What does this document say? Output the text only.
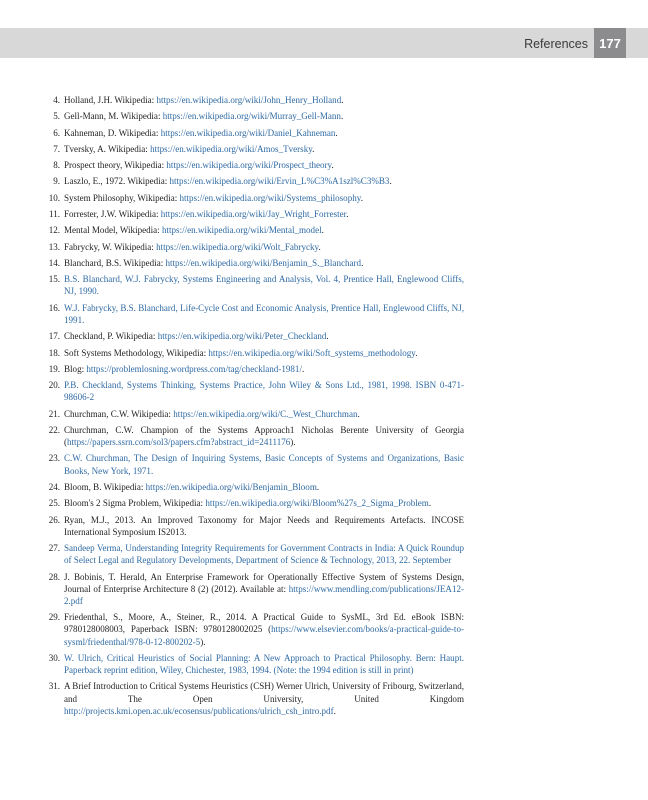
References 177
4. Holland, J.H. Wikipedia: https://en.wikipedia.org/wiki/John_Henry_Holland.
5. Gell-Mann, M. Wikipedia: https://en.wikipedia.org/wiki/Murray_Gell-Mann.
6. Kahneman, D. Wikipedia: https://en.wikipedia.org/wiki/Daniel_Kahneman.
7. Tversky, A. Wikipedia: https://en.wikipedia.org/wiki/Amos_Tversky.
8. Prospect theory, Wikipedia: https://en.wikipedia.org/wiki/Prospect_theory.
9. Laszlo, E., 1972. Wikipedia: https://en.wikipedia.org/wiki/Ervin_L%C3%A1szl%C3%B3.
10. System Philosophy, Wikipedia: https://en.wikipedia.org/wiki/Systems_philosophy.
11. Forrester, J.W. Wikipedia: https://en.wikipedia.org/wiki/Jay_Wright_Forrester.
12. Mental Model, Wikipedia: https://en.wikipedia.org/wiki/Mental_model.
13. Fabrycky, W. Wikipedia: https://en.wikipedia.org/wiki/Wolt_Fabrycky.
14. Blanchard, B.S. Wikipedia: https://en.wikipedia.org/wiki/Benjamin_S._Blanchard.
15. B.S. Blanchard, W.J. Fabrycky, Systems Engineering and Analysis, Vol. 4, Prentice Hall, Englewood Cliffs, NJ, 1990.
16. W.J. Fabrycky, B.S. Blanchard, Life-Cycle Cost and Economic Analysis, Prentice Hall, Englewood Cliffs, NJ, 1991.
17. Checkland, P. Wikipedia: https://en.wikipedia.org/wiki/Peter_Checkland.
18. Soft Systems Methodology, Wikipedia: https://en.wikipedia.org/wiki/Soft_systems_methodology.
19. Blog: https://problemlosning.wordpress.com/tag/checkland-1981/.
20. P.B. Checkland, Systems Thinking, Systems Practice, John Wiley & Sons Ltd., 1981, 1998. ISBN 0-471-98606-2
21. Churchman, C.W. Wikipedia: https://en.wikipedia.org/wiki/C._West_Churchman.
22. Churchman, C.W. Champion of the Systems Approach1 Nicholas Berente University of Georgia (https://papers.ssrn.com/sol3/papers.cfm?abstract_id=2411176).
23. C.W. Churchman, The Design of Inquiring Systems, Basic Concepts of Systems and Organizations, Basic Books, New York, 1971.
24. Bloom, B. Wikipedia: https://en.wikipedia.org/wiki/Benjamin_Bloom.
25. Bloom's 2 Sigma Problem, Wikipedia: https://en.wikipedia.org/wiki/Bloom%27s_2_Sigma_Problem.
26. Ryan, M.J., 2013. An Improved Taxonomy for Major Needs and Requirements Artefacts. INCOSE International Symposium IS2013.
27. Sandeep Verma, Understanding Integrity Requirements for Government Contracts in India: A Quick Roundup of Select Legal and Regulatory Developments, Department of Science & Technology, 2013, 22. September
28. J. Bobinis, T. Herald, An Enterprise Framework for Operationally Effective System of Systems Design, Journal of Enterprise Architecture 8 (2) (2012). Available at: https://www.mendling.com/publications/JEA12-2.pdf
29. Friedenthal, S., Moore, A., Steiner, R., 2014. A Practical Guide to SysML, 3rd Ed. eBook ISBN: 9780128008003, Paperback ISBN: 9780128002025 (https://www.elsevier.com/books/a-practical-guide-to-sysml/friedenthal/978-0-12-800202-5).
30. W. Ulrich, Critical Heuristics of Social Planning: A New Approach to Practical Philosophy. Bern: Haupt. Paperback reprint edition, Wiley, Chichester, 1983, 1994. (Note: the 1994 edition is still in print)
31. A Brief Introduction to Critical Systems Heuristics (CSH) Werner Ulrich, University of Fribourg, Switzerland, and The Open University, United Kingdom http://projects.kmi.open.ac.uk/ecosensus/publications/ulrich_csh_intro.pdf.
